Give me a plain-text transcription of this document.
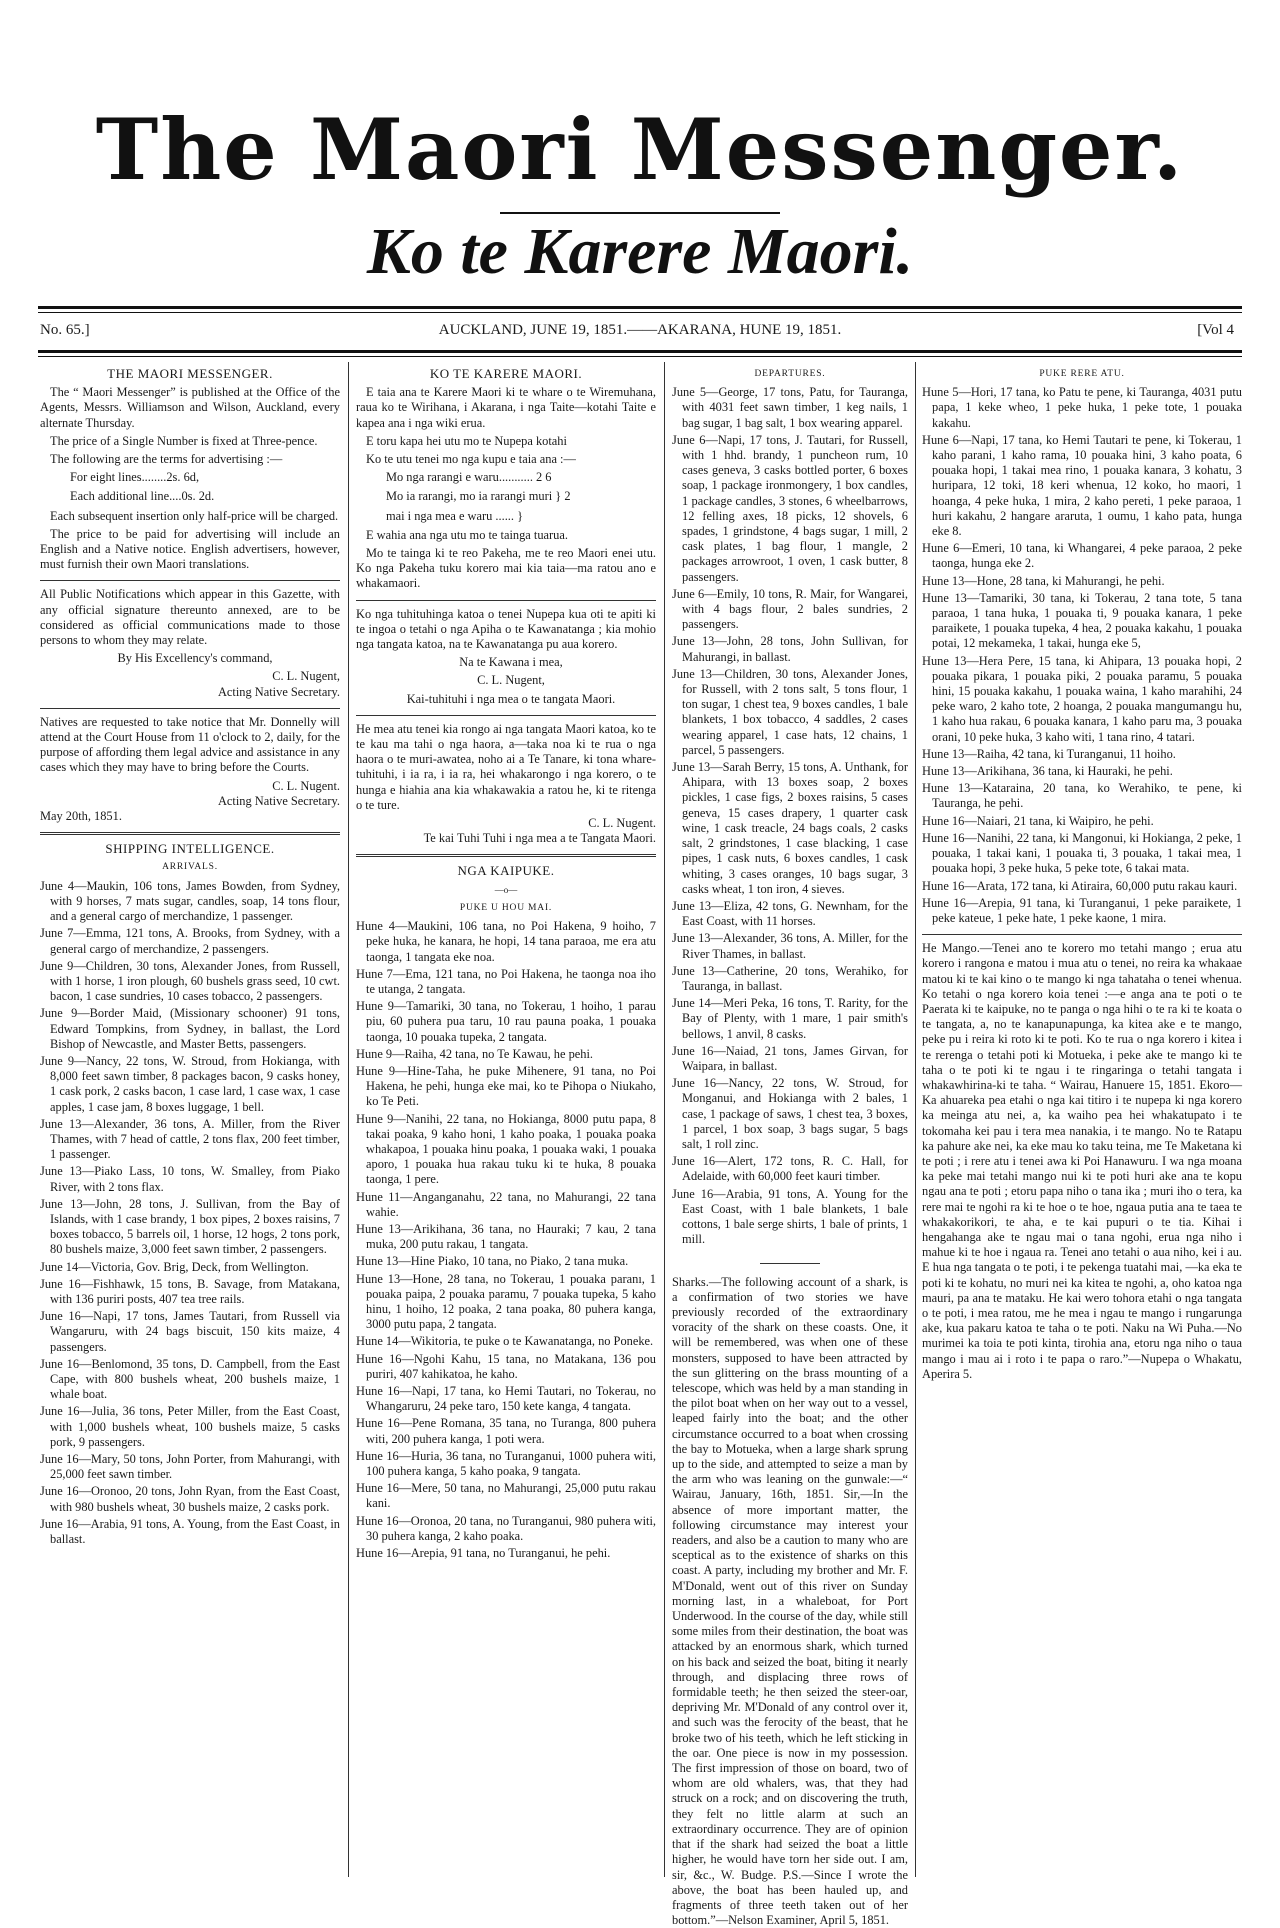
The Maori Messenger.
Ko te Karere Maori.
No. 65.]	AUCKLAND, JUNE 19, 1851.——AKARANA, HUNE 19, 1851.	[Vol 4
THE MAORI MESSENGER.

The “ Maori Messenger” is published at the Office of the Agents, Messrs. Williamson and Wilson, Auckland, every alternate Thursday.

The price of a Single Number is fixed at Three-pence.

The following are the terms for advertising :—

For eight lines........2s. 6d,
Each additional line....0s. 2d.

Each subsequent insertion only half-price will be charged.

The price to be paid for advertising will include an English and a Native notice. English advertisers, however, must furnish their own Maori translations.

All Public Notifications which appear in this Gazette, with any official signature thereunto annexed, are to be considered as official communications made to those persons to whom they may relate.

By His Excellency's command,

C. L. Nugent,

Acting Native Secretary.

Natives are requested to take notice that Mr. Donnelly will attend at the Court House from 11 o'clock to 2, daily, for the purpose of affording them legal advice and assistance in any cases which they may have to bring before the Courts.

C. L. Nugent.

Acting Native Secretary.

May 20th, 1851.

SHIPPING INTELLIGENCE.
ARRIVALS.

June 4—Maukin, 106 tons, James Bowden, from Sydney, with 9 horses, 7 mats sugar, candles, soap, 14 tons flour, and a general cargo of merchandize, 1 passenger.

June 7—Emma, 121 tons, A. Brooks, from Sydney, with a general cargo of merchandize, 2 passengers.

June 9—Children, 30 tons, Alexander Jones, from Russell, with 1 horse, 1 iron plough, 60 bushels grass seed, 10 cwt. bacon, 1 case sundries, 10 cases tobacco, 2 passengers.

June 9—Border Maid, (Missionary schooner) 91 tons, Edward Tompkins, from Sydney, in ballast, the Lord Bishop of Newcastle, and Master Betts, passengers.

June 9—Nancy, 22 tons, W. Stroud, from Hokianga, with 8,000 feet sawn timber, 8 packages bacon, 9 casks honey, 1 cask pork, 2 casks bacon, 1 case lard, 1 case wax, 1 case apples, 1 case jam, 8 boxes luggage, 1 bell.

June 13—Alexander, 36 tons, A. Miller, from the River Thames, with 7 head of cattle, 2 tons flax, 200 feet timber, 1 passenger.

June 13—Piako Lass, 10 tons, W. Smalley, from Piako River, with 2 tons flax.

June 13—John, 28 tons, J. Sullivan, from the Bay of Islands, with 1 case brandy, 1 box pipes, 2 boxes raisins, 7 boxes tobacco, 5 barrels oil, 1 horse, 12 hogs, 2 tons pork, 80 bushels maize, 3,000 feet sawn timber, 2 passengers.

June 14—Victoria, Gov. Brig, Deck, from Wellington.

June 16—Fishhawk, 15 tons, B. Savage, from Matakana, with 136 puriri posts, 407 tea tree rails.

June 16—Napi, 17 tons, James Tautari, from Russell via Wangaruru, with 24 bags biscuit, 150 kits maize, 4 passengers.

June 16—Benlomond, 35 tons, D. Campbell, from the East Cape, with 800 bushels wheat, 200 bushels maize, 1 whale boat.

June 16—Julia, 36 tons, Peter Miller, from the East Coast, with 1,000 bushels wheat, 100 bushels maize, 5 casks pork, 9 passengers.

June 16—Mary, 50 tons, John Porter, from Mahurangi, with 25,000 feet sawn timber.

June 16—Oronoo, 20 tons, John Ryan, from the East Coast, with 980 bushels wheat, 30 bushels maize, 2 casks pork.

June 16—Arabia, 91 tons, A. Young, from the East Coast, in ballast.

KO TE KARERE MAORI.

E taia ana te Karere Maori ki te whare o te Wiremuhana, raua ko te Wirihana, i Akarana, i nga Taite—kotahi Taite e kapea ana i nga wiki erua.

E toru kapa hei utu mo te Nupepa kotahi

Ko te utu tenei mo nga kupu e taia ana :—

Mo nga rarangi e waru........... 2 6
Mo ia rarangi, mo ia rarangi muri } 2
mai i nga mea e waru ...... }

E wahia ana nga utu mo te tainga tuarua.

Mo te tainga ki te reo Pakeha, me te reo Maori enei utu. Ko nga Pakeha tuku korero mai kia taia—ma ratou ano e whakamaori.

Ko nga tuhituhinga katoa o tenei Nupepa kua oti te apiti ki te ingoa o tetahi o nga Apiha o te Kawanatanga ; kia mohio nga tangata katoa, na te Kawanatanga pu aua korero.

Na te Kawana i mea,

C. L. Nugent,

Kai-tuhituhi i nga mea o te tangata Maori.

He mea atu tenei kia rongo ai nga tangata Maori katoa, ko te te kau ma tahi o nga haora, a—taka noa ki te rua o nga haora o te muri-awatea, noho ai a Te Tanare, ki tona whare-tuhituhi, i ia ra, i ia ra, hei whakarongo i nga korero, o te hunga e hiahia ana kia whakawakia a ratou he, ki te ritenga o te ture.

C. L. Nugent.

Te kai Tuhi Tuhi i nga mea a te Tangata Maori.

NGA KAIPUKE.
—o—
PUKE U HOU MAI.

Hune 4—Maukini, 106 tana, no Poi Hakena, 9 hoiho, 7 peke huka, he kanara, he hopi, 14 tana paraoa, me era atu taonga, 1 tangata eke noa.

Hune 7—Ema, 121 tana, no Poi Hakena, he taonga noa iho te utanga, 2 tangata.

Hune 9—Tamariki, 30 tana, no Tokerau, 1 hoiho, 1 parau piu, 60 puhera pua taru, 10 rau pauna poaka, 1 pouaka taonga, 10 pouaka tupeka, 2 tangata.

Hune 9—Raiha, 42 tana, no Te Kawau, he pehi.

Hune 9—Hine-Taha, he puke Mihenere, 91 tana, no Poi Hakena, he pehi, hunga eke mai, ko te Pihopa o Niukaho, ko Te Peti.

Hune 9—Nanihi, 22 tana, no Hokianga, 8000 putu papa, 8 takai poaka, 9 kaho honi, 1 kaho poaka, 1 pouaka poaka whakapoa, 1 pouaka hinu poaka, 1 pouaka waki, 1 pouaka aporo, 1 pouaka hua rakau tuku ki te huka, 8 pouaka taonga, 1 pere.

Hune 11—Anganganahu, 22 tana, no Mahurangi, 22 tana wahie.

Hune 13—Arikihana, 36 tana, no Hauraki; 7 kau, 2 tana muka, 200 putu rakau, 1 tangata.

Hune 13—Hine Piako, 10 tana, no Piako, 2 tana muka.

Hune 13—Hone, 28 tana, no Tokerau, 1 pouaka paranı, 1 pouaka paipa, 2 pouaka paramu, 7 pouaka tupeka, 5 kaho hinu, 1 hoiho, 12 poaka, 2 tana poaka, 80 puhera kanga, 3000 putu papa, 2 tangata.

Hune 14—Wikitoria, te puke o te Kawanatanga, no Poneke.

Hune 16—Ngohi Kahu, 15 tana, no Matakana, 136 pou puriri, 407 kahikatoa, he kaho.

Hune 16—Napi, 17 tana, ko Hemi Tautari, no Tokerau, no Whangaruru, 24 peke taro, 150 kete kanga, 4 tangata.

Hune 16—Pene Romana, 35 tana, no Turanga, 800 puhera witi, 200 puhera kanga, 1 poti wera.

Hune 16—Huria, 36 tana, no Turanganui, 1000 puhera witi, 100 puhera kanga, 5 kaho poaka, 9 tangata.

Hune 16—Mere, 50 tana, no Mahurangi, 25,000 putu rakau kani.

Hune 16—Oronoa, 20 tana, no Turanganui, 980 puhera witi, 30 puhera kanga, 2 kaho poaka.

Hune 16—Arepia, 91 tana, no Turanganui, he pehi.

DEPARTURES.

June 5—George, 17 tons, Patu, for Tauranga, with 4031 feet sawn timber, 1 keg nails, 1 bag sugar, 1 bag salt, 1 box wearing apparel.

June 6—Napi, 17 tons, J. Tautari, for Russell, with 1 hhd. brandy, 1 puncheon rum, 10 cases geneva, 3 casks bottled porter, 6 boxes soap, 1 package ironmongery, 1 box candles, 1 package candles, 3 stones, 6 wheelbarrows, 12 felling axes, 18 picks, 12 shovels, 6 spades, 1 grindstone, 4 bags sugar, 1 mill, 2 cask plates, 1 bag flour, 1 mangle, 2 packages arrowroot, 1 oven, 1 cask butter, 8 passengers.

June 6—Emily, 10 tons, R. Mair, for Wangarei, with 4 bags flour, 2 bales sundries, 2 passengers.

June 13—John, 28 tons, John Sullivan, for Mahurangi, in ballast.

June 13—Children, 30 tons, Alexander Jones, for Russell, with 2 tons salt, 5 tons flour, 1 ton sugar, 1 chest tea, 9 boxes candles, 1 bale blankets, 1 box tobacco, 4 saddles, 2 cases wearing apparel, 1 case hats, 12 chains, 1 parcel, 5 passengers.

June 13—Sarah Berry, 15 tons, A. Unthank, for Ahipara, with 13 boxes soap, 2 boxes pickles, 1 case figs, 2 boxes raisins, 5 cases geneva, 15 cases drapery, 1 quarter cask wine, 1 cask treacle, 24 bags coals, 2 casks salt, 2 grindstones, 1 case blacking, 1 case pipes, 1 cask nuts, 6 boxes candles, 1 cask whiting, 3 cases oranges, 10 bags sugar, 3 casks wheat, 1 ton iron, 4 sieves.

June 13—Eliza, 42 tons, G. Newnham, for the East Coast, with 11 horses.

June 13—Alexander, 36 tons, A. Miller, for the River Thames, in ballast.

June 13—Catherine, 20 tons, Werahiko, for Tauranga, in ballast.

June 14—Meri Peka, 16 tons, T. Rarity, for the Bay of Plenty, with 1 mare, 1 pair smith's bellows, 1 anvil, 8 casks.

June 16—Naiad, 21 tons, James Girvan, for Waipara, in ballast.

June 16—Nancy, 22 tons, W. Stroud, for Monganui, and Hokianga with 2 bales, 1 case, 1 package of saws, 1 chest tea, 3 boxes, 1 parcel, 1 box soap, 3 bags sugar, 5 bags salt, 1 roll zinc.

June 16—Alert, 172 tons, R. C. Hall, for Adelaide, with 60,000 feet kauri timber.

June 16—Arabia, 91 tons, A. Young for the East Coast, with 1 bale blankets, 1 bale cottons, 1 bale serge shirts, 1 bale of prints, 1 mill.

Sharks.—The following account of a shark, is a confirmation of two stories we have previously recorded of the extraordinary voracity of the shark on these coasts. One, it will be remembered, was when one of these monsters, supposed to have been attracted by the sun glittering on the brass mounting of a telescope, which was held by a man standing in the pilot boat when on her way out to a vessel, leaped fairly into the boat; and the other circumstance occurred to a boat when crossing the bay to Motueka, when a large shark sprung up to the side, and attempted to seize a man by the arm who was leaning on the gunwale:—“ Wairau, January, 16th, 1851. Sir,—In the absence of more important matter, the following circumstance may interest your readers, and also be a caution to many who are sceptical as to the existence of sharks on this coast. A party, including my brother and Mr. F. M'Donald, went out of this river on Sunday morning last, in a whaleboat, for Port Underwood. In the course of the day, while still some miles from their destination, the boat was attacked by an enormous shark, which turned on his back and seized the boat, biting it nearly through, and displacing three rows of formidable teeth; he then seized the steer-oar, depriving Mr. M'Donald of any control over it, and such was the ferocity of the beast, that he broke two of his teeth, which he left sticking in the oar. One piece is now in my possession. The first impression of those on board, two of whom are old whalers, was, that they had struck on a rock; and on discovering the truth, they felt no little alarm at such an extraordinary occurrence. They are of opinion that if the shark had seized the boat a little higher, he would have torn her side out. I am, sir, &c., W. Budge. P.S.—Since I wrote the above, the boat has been hauled up, and fragments of three teeth taken out of her bottom.”—Nelson Examiner, April 5, 1851.

PUKE RERE ATU.

Hune 5—Hori, 17 tana, ko Patu te pene, ki Tauranga, 4031 putu papa, 1 keke wheo, 1 peke huka, 1 peke tote, 1 pouaka kakahu.

Hune 6—Napi, 17 tana, ko Hemi Tautari te pene, ki Tokerau, 1 kaho parani, 1 kaho rama, 10 pouaka hini, 3 kaho poata, 6 pouaka hopi, 1 takai mea rino, 1 pouaka kanara, 3 kohatu, 3 huripara, 12 toki, 18 keri whenua, 12 koko, ho maori, 1 hoanga, 4 peke huka, 1 mira, 2 kaho pereti, 1 peke paraoa, 1 huri kakahu, 2 hangare araruta, 1 oumu, 1 kaho pata, hunga eke 8.

Hune 6—Emeri, 10 tana, ki Whangarei, 4 peke paraoa, 2 peke taonga, hunga eke 2.

Hune 13—Hone, 28 tana, ki Mahurangi, he pehi.

Hune 13—Tamariki, 30 tana, ki Tokerau, 2 tana tote, 5 tana paraoa, 1 tana huka, 1 pouaka ti, 9 pouaka kanara, 1 peke paraikete, 1 pouaka tupeka, 4 hea, 2 pouaka kakahu, 1 pouaka potai, 12 mekameka, 1 takai, hunga eke 5,

Hune 13—Hera Pere, 15 tana, ki Ahipara, 13 pouaka hopi, 2 pouaka pikara, 1 pouaka piki, 2 pouaka paramu, 5 pouaka hini, 15 pouaka kakahu, 1 pouaka waina, 1 kaho marahihi, 24 peke waro, 2 kaho tote, 2 hoanga, 2 pouaka mangumangu hu, 1 kaho hua rakau, 6 pouaka kanara, 1 kaho paru ma, 3 pouaka orani, 10 peke huka, 3 kaho witi, 1 tana rino, 4 tatari.

Hune 13—Raiha, 42 tana, ki Turanganui, 11 hoiho.

Hune 13—Arikihana, 36 tana, ki Hauraki, he pehi.

Hune 13—Kataraina, 20 tana, ko Werahiko, te pene, ki Tauranga, he pehi.

Hune 16—Naiari, 21 tana, ki Waipiro, he pehi.

Hune 16—Nanihi, 22 tana, ki Mangonui, ki Hokianga, 2 peke, 1 pouaka, 1 takai kani, 1 pouaka ti, 3 pouaka, 1 takai mea, 1 pouaka hopi, 3 peke huka, 5 peke tote, 6 takai mata.

Hune 16—Arata, 172 tana, ki Atiraira, 60,000 putu rakau kauri.

Hune 16—Arepia, 91 tana, ki Turanganui, 1 peke paraikete, 1 peke kateue, 1 peke hate, 1 peke kaone, 1 mira.

He Mango.—Tenei ano te korero mo tetahi mango ; erua atu korero i rangona e matou i mua atu o tenei, no reira ka whakaae matou ki te kai kino o te mango ki nga tahataha o tenei whenua. Ko tetahi o nga korero koia tenei :—e anga ana te poti o te Paerata ki te kaipuke, no te panga o nga hihi o te ra ki te koata o te tangata, a, no te kanapunapunga, ka kitea ake e te mango, peke pu i reira ki roto ki te poti. Ko te rua o nga korero i kitea i te rerenga o tetahi poti ki Motueka, i peke ake te mango ki te taha o te poti ki te ngau i te ringaringa o tetahi tangata i whakawhirina-ki te taha. “ Wairau, Hanuere 15, 1851. Ekoro—Ka ahuareka pea etahi o nga kai titiro i te nupepa ki nga korero ka meinga atu nei, a, ka waiho pea hei whakatupato i te tokomaha kei pau i tera mea nanakia, i te mango. No te Ratapu ka pahure ake nei, ka eke mau ko taku teina, me Te Maketana ki te poti ; i rere atu i tenei awa ki Poi Hanawuru. I wa nga moana ka peke mai tetahi mango nui ki te poti huri ake ana te kopu ngau ana te poti ; etoru papa niho o tana ika ; muri iho o tera, ka rere mai te ngohi ra ki te hoe o te hoe, ngaua putia ana te taea te whakakorikori, te aha, e te kai pupuri o te tia. Kihai i hengahanga ake te ngau mai o tana ngohi, erua nga niho i mahue ki te hoe i ngaua ra. Tenei ano tetahi o aua niho, kei i au. E hua nga tangata o te poti, i te pekenga tuatahi mai, —ka eka te poti ki te kohatu, no muri nei ka kitea te ngohi, a, oho katoa nga mauri, pa ana te mataku. He kai wero tohora etahi o nga tangata o te poti, i mea ratou, me he mea i ngau te mango i rungarunga ake, kua pakaru katoa te taha o te poti. Naku na Wi Puha.—No murimei ka toia te poti kinta, tirohia ana, etoru nga niho o taua mango i mau ai i roto i te papa o raro.”—Nupepa o Whakatu, Aperira 5.
